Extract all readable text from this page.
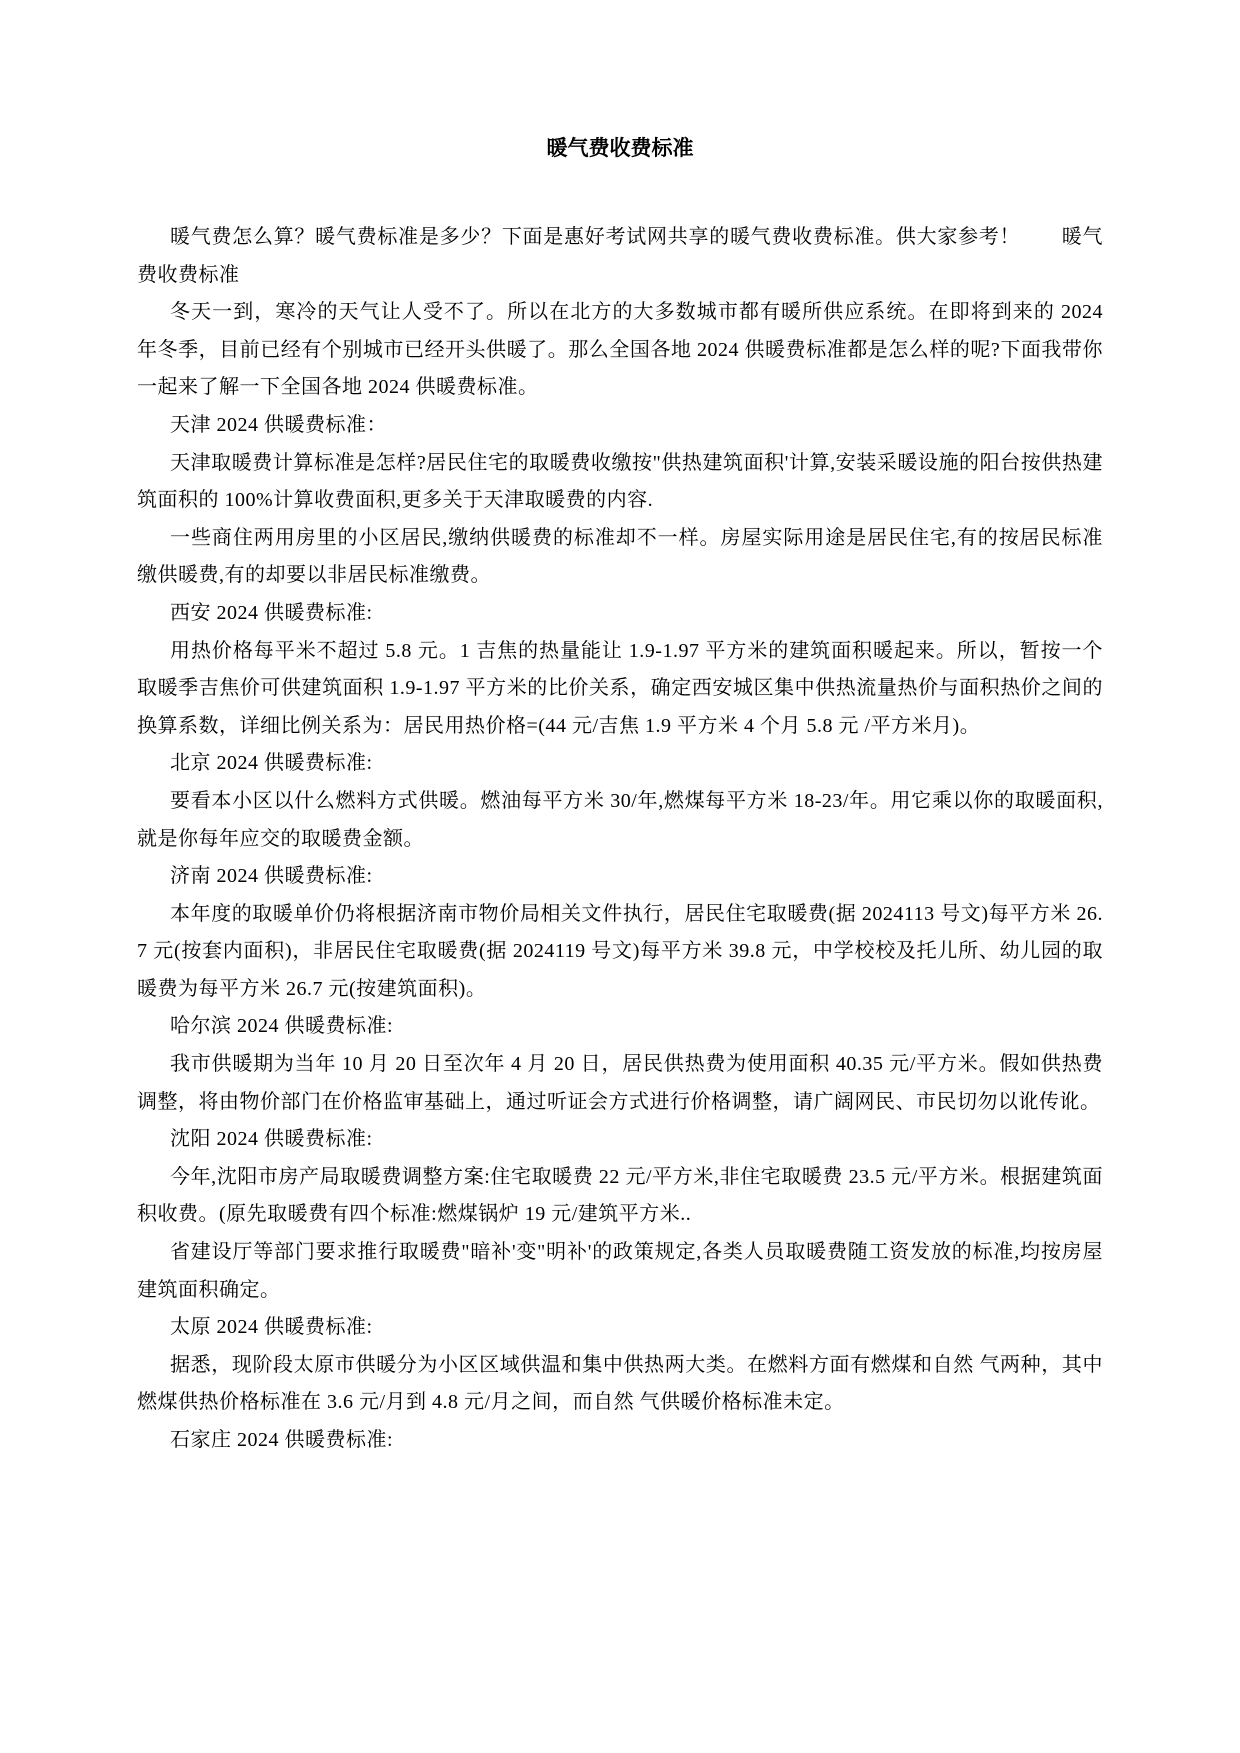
暖气费收费标准

暖气费怎么算？暖气费标准是多少？下面是惠好考试网共享的暖气费收费标准。供大家参考！　　暖气费收费标准

冬天一到，寒冷的天气让人受不了。所以在北方的大多数城市都有暖所供应系统。在即将到来的 2024 年冬季，目前已经有个别城市已经开头供暖了。那么全国各地 2024 供暖费标准都是怎么样的呢?下面我带你一起来了解一下全国各地 2024 供暖费标准。

天津 2024 供暖费标准：

天津取暖费计算标准是怎样?居民住宅的取暖费收缴按"供热建筑面积'计算,安装采暖设施的阳台按供热建筑面积的 100%计算收费面积,更多关于天津取暖费的内容.

一些商住两用房里的小区居民,缴纳供暖费的标准却不一样。房屋实际用途是居民住宅,有的按居民标准缴供暖费,有的却要以非居民标准缴费。

西安 2024 供暖费标准:

用热价格每平米不超过 5.8 元。1 吉焦的热量能让 1.9-1.97 平方米的建筑面积暖起来。所以，暂按一个取暖季吉焦价可供建筑面积 1.9-1.97 平方米的比价关系，确定西安城区集中供热流量热价与面积热价之间的换算系数，详细比例关系为：居民用热价格=(44 元/吉焦 1.9 平方米 4 个月 5.8 元 /平方米月)。

北京 2024 供暖费标准:

要看本小区以什么燃料方式供暖。燃油每平方米 30/年,燃煤每平方米 18-23/年。用它乘以你的取暖面积,就是你每年应交的取暖费金额。

济南 2024 供暖费标准:

本年度的取暖单价仍将根据济南市物价局相关文件执行，居民住宅取暖费(据 2024113 号文)每平方米 26.7 元(按套内面积)，非居民住宅取暖费(据 2024119 号文)每平方米 39.8 元，中学校校及托儿所、幼儿园的取暖费为每平方米 26.7 元(按建筑面积)。

哈尔滨 2024 供暖费标准:

我市供暖期为当年 10 月 20 日至次年 4 月 20 日，居民供热费为使用面积 40.35 元/平方米。假如供热费调整，将由物价部门在价格监审基础上，通过听证会方式进行价格调整，请广阔网民、市民切勿以讹传讹。

沈阳 2024 供暖费标准:

今年,沈阳市房产局取暖费调整方案:住宅取暖费 22 元/平方米,非住宅取暖费 23.5 元/平方米。根据建筑面积收费。(原先取暖费有四个标准:燃煤锅炉 19 元/建筑平方米..

省建设厅等部门要求推行取暖费"暗补'变"明补'的政策规定,各类人员取暖费随工资发放的标准,均按房屋建筑面积确定。

太原 2024 供暖费标准:

据悉，现阶段太原市供暖分为小区区域供温和集中供热两大类。在燃料方面有燃煤和自然 气两种，其中燃煤供热价格标准在 3.6 元/月到 4.8 元/月之间，而自然 气供暖价格标准未定。

石家庄 2024 供暖费标准:
